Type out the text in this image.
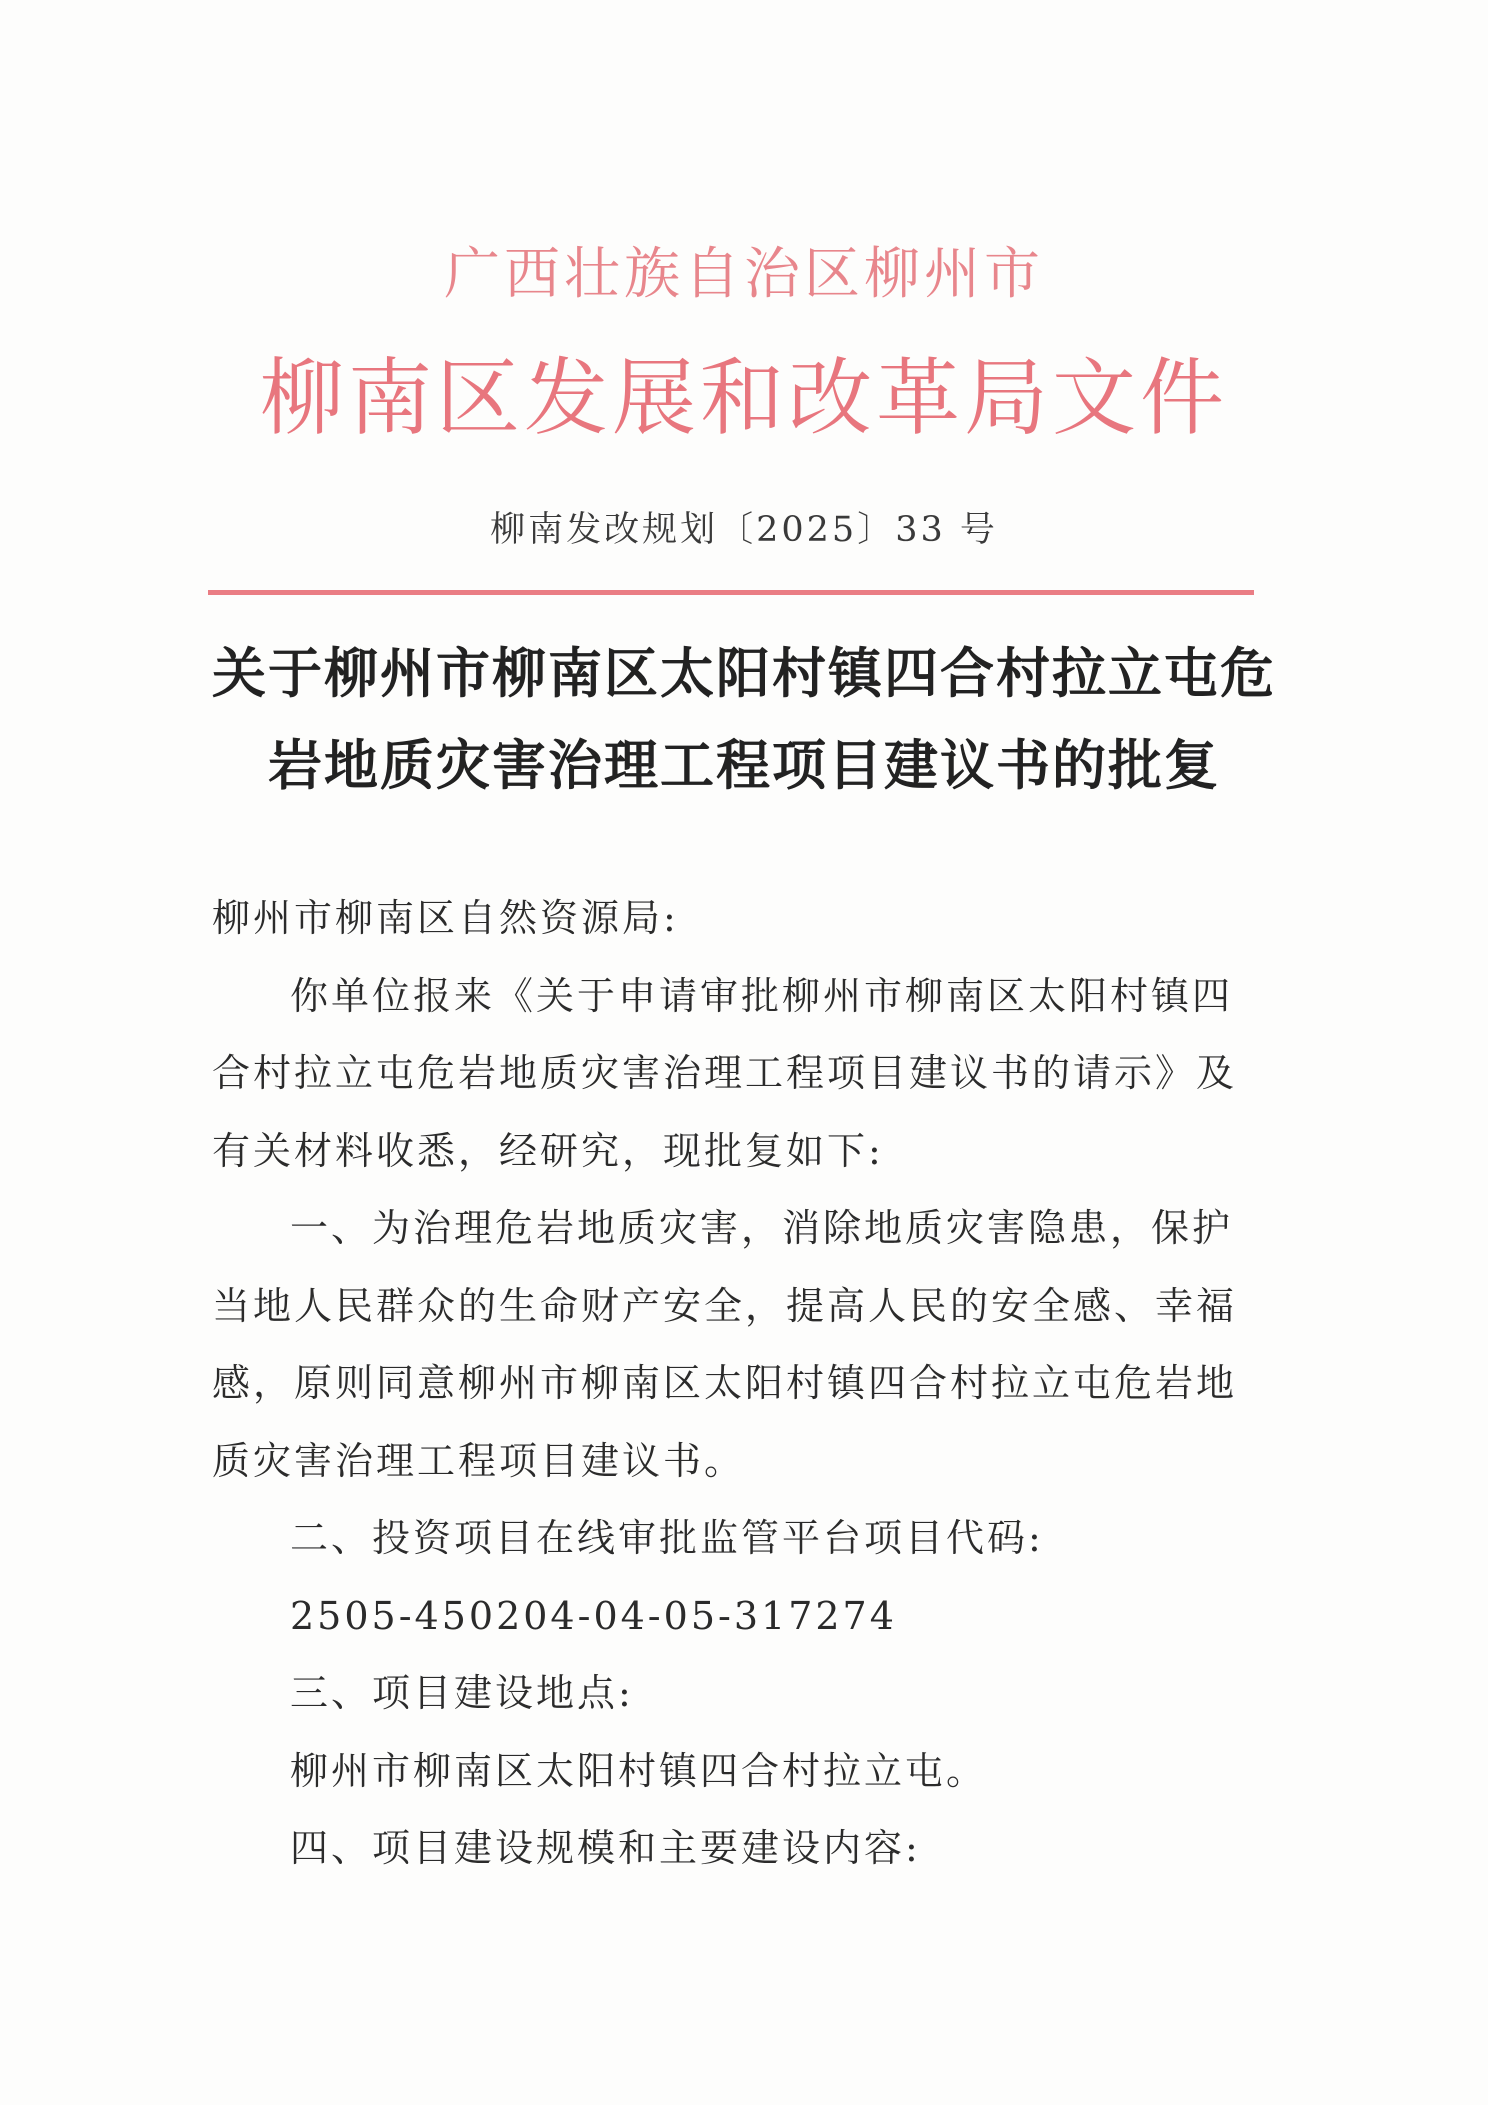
广西壮族自治区柳州市
柳南区发展和改革局文件
柳南发改规划〔2025〕33 号
关于柳州市柳南区太阳村镇四合村拉立屯危
岩地质灾害治理工程项目建议书的批复

柳州市柳南区自然资源局:

你单位报来《关于申请审批柳州市柳南区太阳村镇四合村拉立屯危岩地质灾害治理工程项目建议书的请示》及有关材料收悉，经研究，现批复如下:

一、为治理危岩地质灾害，消除地质灾害隐患，保护当地人民群众的生命财产安全，提高人民的安全感、幸福感，原则同意柳州市柳南区太阳村镇四合村拉立屯危岩地质灾害治理工程项目建议书。

二、投资项目在线审批监管平台项目代码:

2505-450204-04-05-317274

三、项目建设地点:

柳州市柳南区太阳村镇四合村拉立屯。

四、项目建设规模和主要建设内容:
